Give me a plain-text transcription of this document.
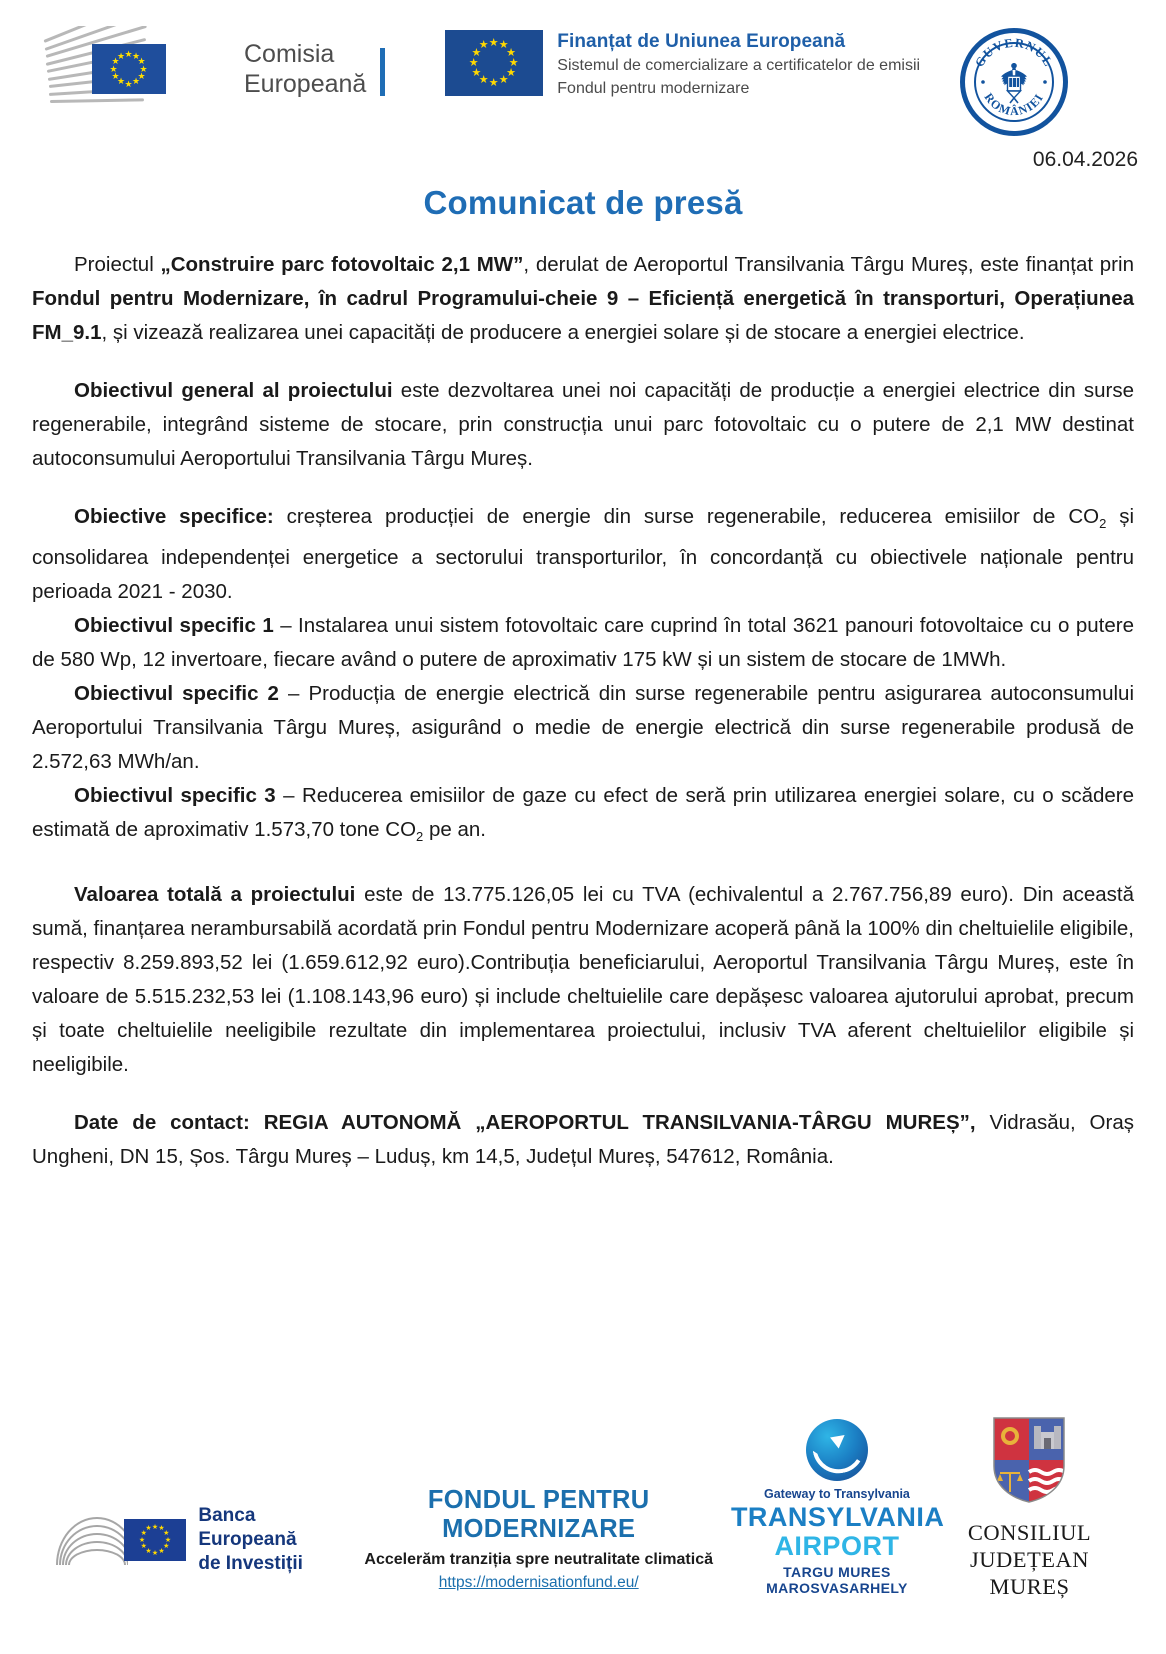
★ ★
★
★
★
★
★
★
★
★
★
★	Comisia
Europeană
★ ★
★
★
★
★
★
★
★
★
★
★	Finanțat de Uniunea Europeană
Sistemul de comercializare a certificatelor de emisii
Fondul pentru modernizare
GUVERNUL
ROMÂNIEI
06.04.2026
Comunicat de presă

Proiectul „Construire parc fotovoltaic 2,1 MW”, derulat de Aeroportul Transilvania Târgu Mureș, este finanțat prin Fondul pentru Modernizare, în cadrul Programului-cheie 9 – Eficiență energetică în transporturi, Operațiunea FM_9.1, și vizează realizarea unei capacități de producere a energiei solare și de stocare a energiei electrice.

Obiectivul general al proiectului este dezvoltarea unei noi capacități de producție a energiei electrice din surse regenerabile, integrând sisteme de stocare, prin construcția unui parc fotovoltaic cu o putere de 2,1 MW destinat autoconsumului Aeroportului Transilvania Târgu Mureș.

Obiective specifice: creșterea producției de energie din surse regenerabile, reducerea emisiilor de $CO_2$ și consolidarea independenței energetice a sectorului transporturilor, în concordanță cu obiectivele naționale pentru perioada 2021 - 2030.

Obiectivul specific 1 – Instalarea unui sistem fotovoltaic care cuprind în total 3621 panouri fotovoltaice cu o putere de 580 Wp, 12 invertoare, fiecare având o putere de aproximativ 175 kW și un sistem de stocare de 1MWh.

Obiectivul specific 2 – Producția de energie electrică din surse regenerabile pentru asigurarea autoconsumului Aeroportului Transilvania Târgu Mureș, asigurând o medie de energie electrică din surse regenerabile produsă de 2.572,63 MWh/an.

Obiectivul specific 3 – Reducerea emisiilor de gaze cu efect de seră prin utilizarea energiei solare, cu o scădere estimată de aproximativ 1.573,70 tone $CO_2$ pe an.

Valoarea totală a proiectului este de 13.775.126,05 lei cu TVA (echivalentul a 2.767.756,89 euro). Din această sumă, finanțarea nerambursabilă acordată prin Fondul pentru Modernizare acoperă până la 100% din cheltuielile eligibile, respectiv 8.259.893,52 lei (1.659.612,92 euro).Contribuția beneficiarului, Aeroportul Transilvania Târgu Mureș, este în valoare de 5.515.232,53 lei (1.108.143,96 euro) și include cheltuielile care depășesc valoarea ajutorului aprobat, precum și toate cheltuielile neeligibile rezultate din implementarea proiectului, inclusiv TVA aferent cheltuielilor eligibile și neeligibile.

Date de contact: REGIA AUTONOMĂ „AEROPORTUL TRANSILVANIA-TÂRGU MUREȘ”, Vidrasău, Oraș Ungheni, DN 15, Șos. Târgu Mureș – Luduș, km 14,5, Județul Mureș, 547612, România.

★ ★
★
★
★
★
★
★
★
★
★
★
Banca Europeană
de Investiții
FONDUL PENTRU MODERNIZARE
Accelerăm tranziția spre neutralitate climatică
https://modernisationfund.eu/
Gateway to Transylvania
TRANSYLVANIA
AIRPORT
TARGU MURES
MAROSVASARHELY
CONSILIUL
JUDEȚEAN
MUREȘ
